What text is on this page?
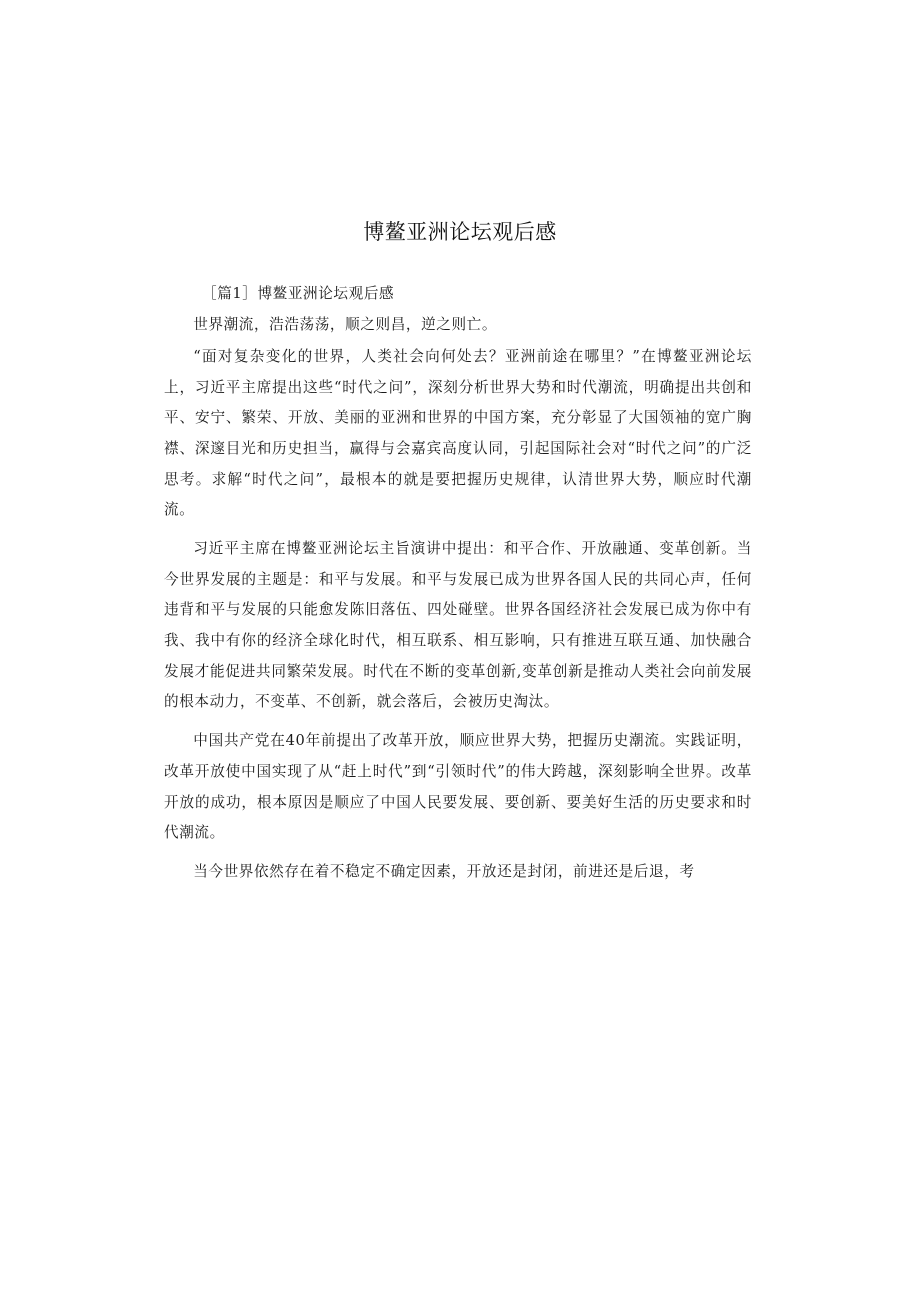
博鳌亚洲论坛观后感

［篇1］博鳌亚洲论坛观后感

世界潮流，浩浩荡荡，顺之则昌，逆之则亡。

“面对复杂变化的世界，人类社会向何处去？亚洲前途在哪里？”在博鳌亚洲论坛上，习近平主席提出这些“时代之问”，深刻分析世界大势和时代潮流，明确提出共创和平、安宁、繁荣、开放、美丽的亚洲和世界的中国方案，充分彰显了大国领袖的宽广胸襟、深邃目光和历史担当，赢得与会嘉宾高度认同，引起国际社会对“时代之问”的广泛思考。求解“时代之问”，最根本的就是要把握历史规律，认清世界大势，顺应时代潮流。

习近平主席在博鳌亚洲论坛主旨演讲中提出：和平合作、开放融通、变革创新。当今世界发展的主题是：和平与发展。和平与发展已成为世界各国人民的共同心声，任何违背和平与发展的只能愈发陈旧落伍、四处碰壁。世界各国经济社会发展已成为你中有我、我中有你的经济全球化时代，相互联系、相互影响，只有推进互联互通、加快融合发展才能促进共同繁荣发展。时代在不断的变革创新,变革创新是推动人类社会向前发展的根本动力，不变革、不创新，就会落后，会被历史淘汰。

中国共产党在40年前提出了改革开放，顺应世界大势，把握历史潮流。实践证明，改革开放使中国实现了从“赶上时代”到“引领时代”的伟大跨越，深刻影响全世界。改革开放的成功，根本原因是顺应了中国人民要发展、要创新、要美好生活的历史要求和时代潮流。

当今世界依然存在着不稳定不确定因素，开放还是封闭，前进还是后退，考
